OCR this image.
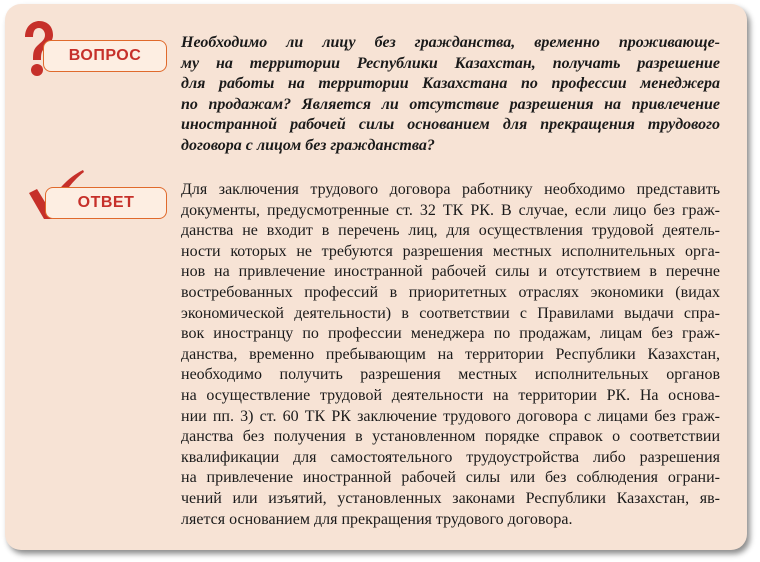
ВОПРОС
ОТВЕТ
Необходимо ли лицу без гражданства, временно проживающе-
му на территории Республики Казахстан, получать разрешение
для работы на территории Казахстана по профессии менеджера
по продажам? Является ли отсутствие разрешения на привлечение
иностранной рабочей силы основанием для прекращения трудового
договора с лицом без гражданства?
Для заключения трудового договора работнику необходимо представить
документы, предусмотренные ст. 32 ТК РК. В случае, если лицо без граж-
данства не входит в перечень лиц, для осуществления трудовой деятель-
ности которых не требуются разрешения местных исполнительных орга-
нов на привлечение иностранной рабочей силы и отсутствием в перечне
востребованных профессий в приоритетных отраслях экономики (видах
экономической деятельности) в соответствии с Правилами выдачи спра-
вок иностранцу по профессии менеджера по продажам, лицам без граж-
данства, временно пребывающим на территории Республики Казахстан,
необходимо получить разрешения местных исполнительных органов
на осуществление трудовой деятельности на территории РК. На основа-
нии пп. 3) ст. 60 ТК РК заключение трудового договора с лицами без граж-
данства без получения в установленном порядке справок о соответствии
квалификации для самостоятельного трудоустройства либо разрешения
на привлечение иностранной рабочей силы или без соблюдения ограни-
чений или изъятий, установленных законами Республики Казахстан, яв-
ляется основанием для прекращения трудового договора.
